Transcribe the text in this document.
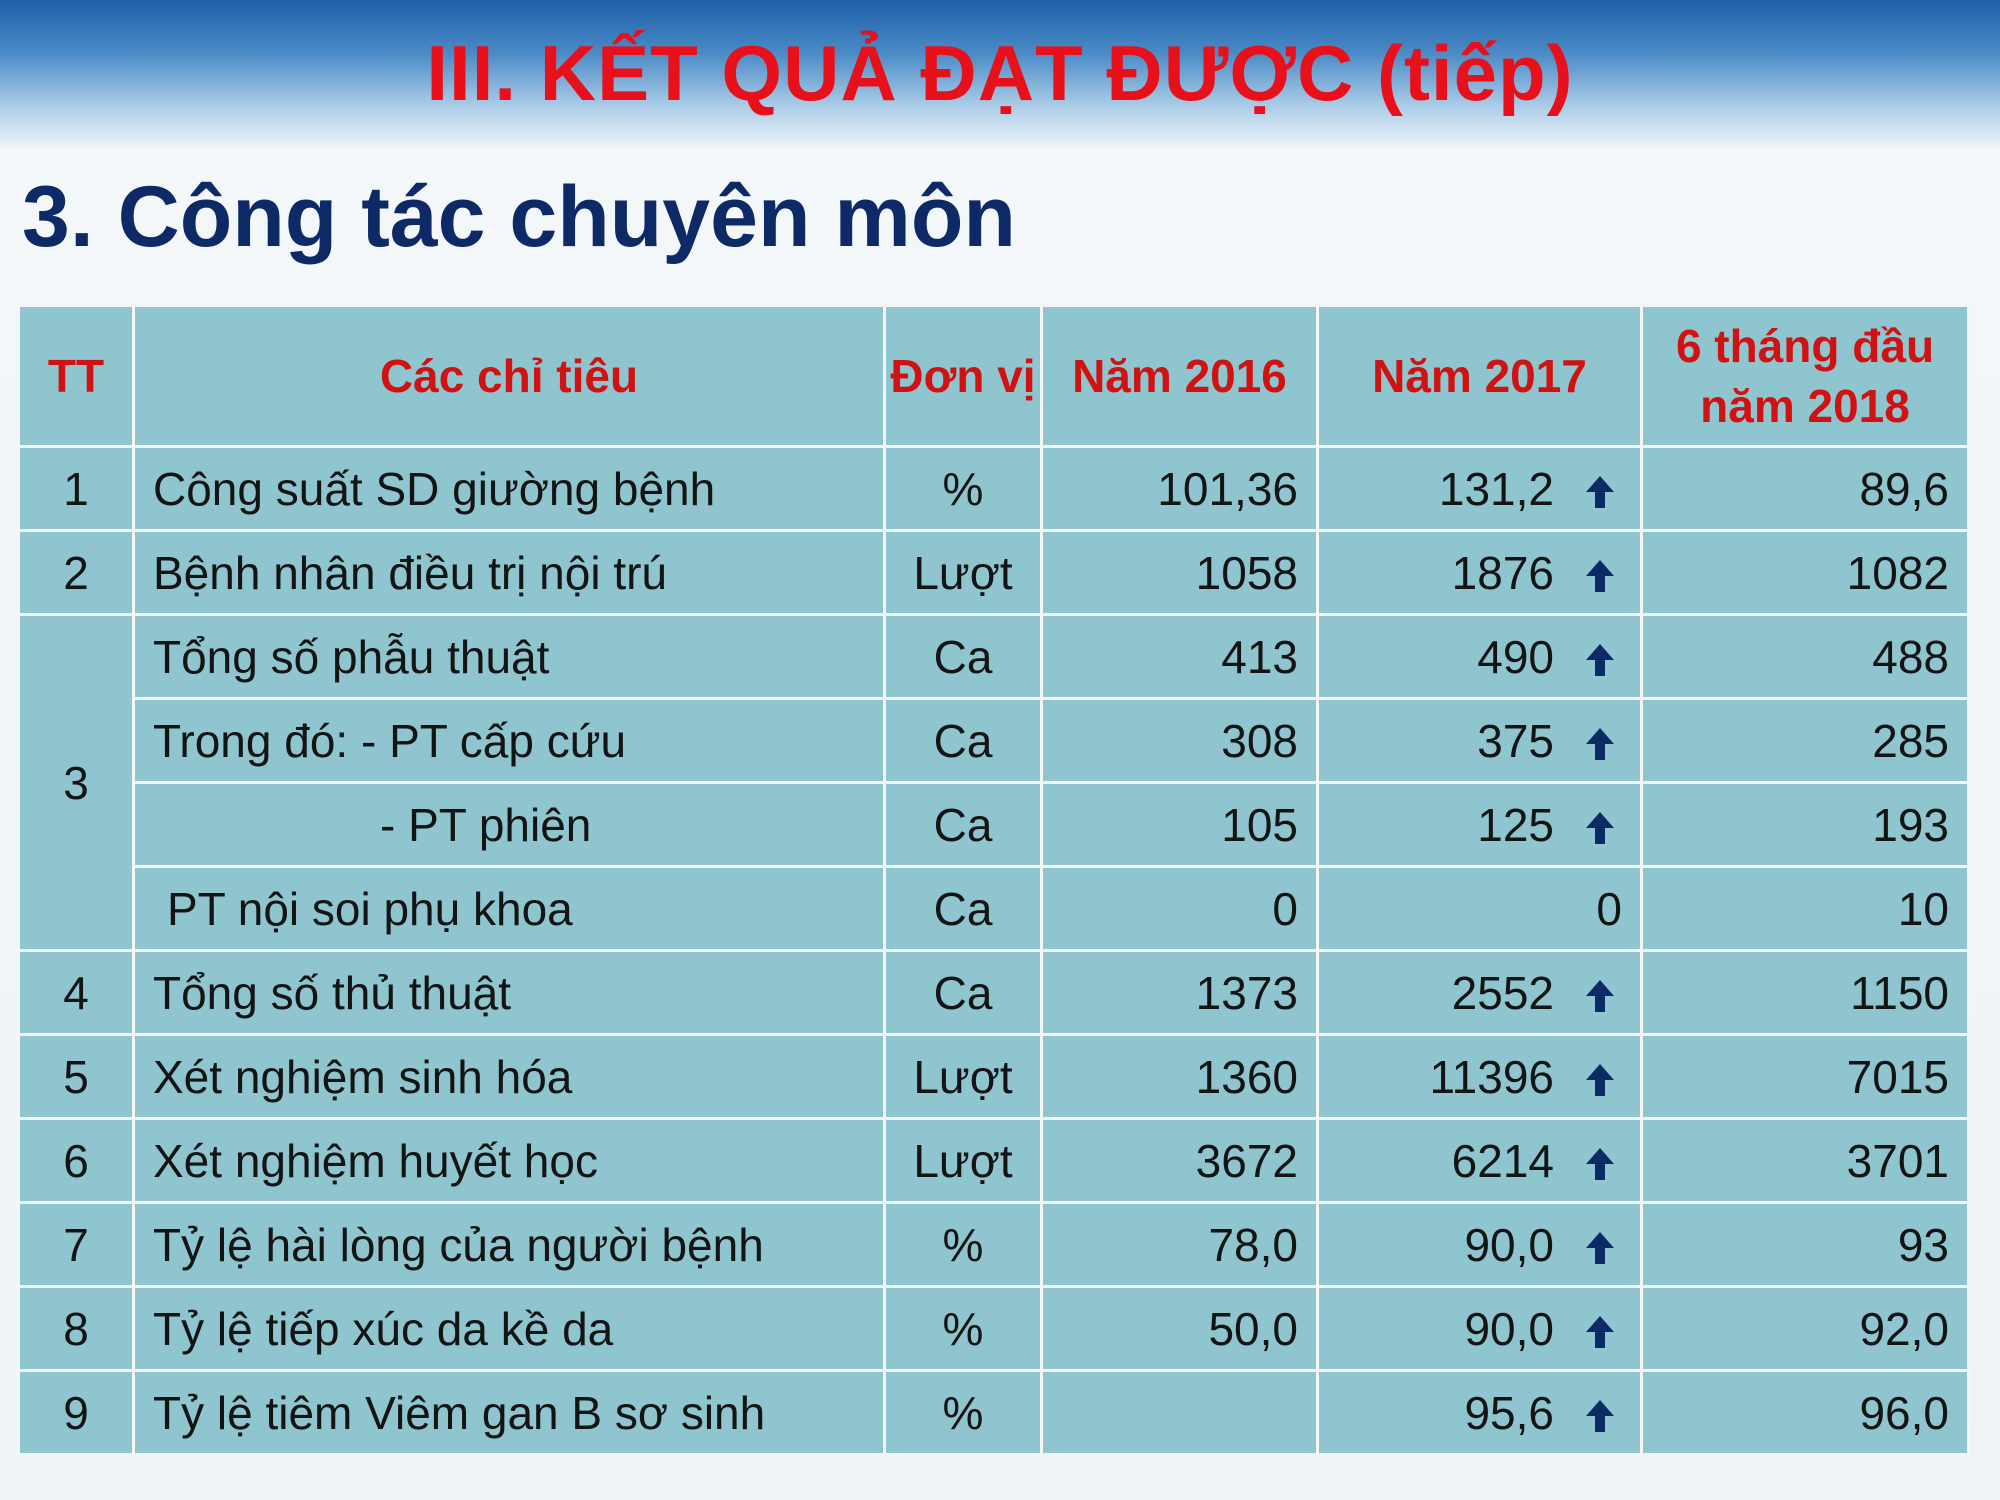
III. KẾT QUẢ ĐẠT ĐƯỢC (tiếp)
3. Công tác chuyên môn
TT	Các chỉ tiêu	Đơn vị	Năm 2016	Năm 2017	6 tháng đầu năm 2018
1	Công suất SD giường bệnh	%	101,36	131,2	89,6
2	Bệnh nhân điều trị nội trú	Lượt	1058	1876	1082
3	Tổng số phẫu thuật	Ca	413	490	488
	Trong đó: - PT cấp cứu	Ca	308	375	285
	- PT phiên	Ca	105	125	193
	PT nội soi phụ khoa	Ca	0	0	10
4	Tổng số thủ thuật	Ca	1373	2552	1150
5	Xét nghiệm sinh hóa	Lượt	1360	11396	7015
6	Xét nghiệm huyết học	Lượt	3672	6214	3701
7	Tỷ lệ hài lòng của người bệnh	%	78,0	90,0	93
8	Tỷ lệ tiếp xúc da kề da	%	50,0	90,0	92,0
9	Tỷ lệ tiêm Viêm gan B sơ sinh	%		95,6	96,0
